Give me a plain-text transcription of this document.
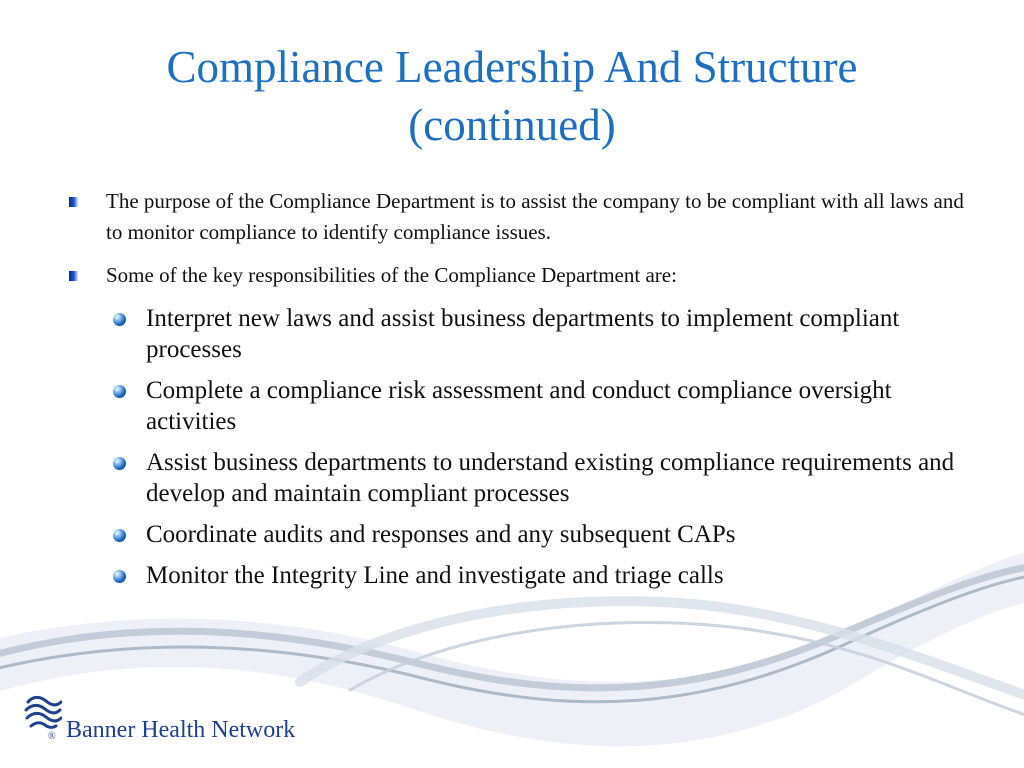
Compliance Leadership And Structure
(continued)
The purpose of the Compliance Department is to assist the company to be compliant with all laws and to monitor compliance to identify compliance issues.
Some of the key responsibilities of the Compliance Department are:
Interpret new laws and assist business departments to implement compliant processes
Complete a compliance risk assessment and conduct compliance oversight activities
Assist business departments to understand existing compliance requirements and develop and maintain compliant processes
Coordinate audits and responses and any subsequent CAPs
Monitor the Integrity Line and investigate and triage calls
® Banner Health Network
